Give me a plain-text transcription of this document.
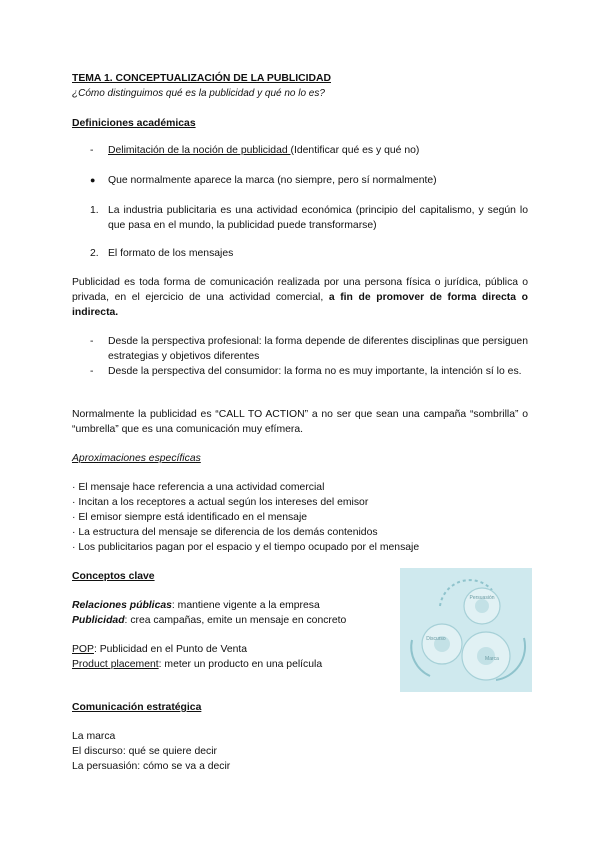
TEMA 1. CONCEPTUALIZACIÓN DE LA PUBLICIDAD
¿Cómo distinguimos qué es la publicidad y qué no lo es?
Definiciones académicas
- Delimitación de la noción de publicidad (Identificar qué es y qué no)
● Que normalmente aparece la marca (no siempre, pero sí normalmente)
1. La industria publicitaria es una actividad económica (principio del capitalismo, y según lo que pasa en el mundo, la publicidad puede transformarse)
2. El formato de los mensajes
Publicidad es toda forma de comunicación realizada por una persona física o jurídica, pública o privada, en el ejercicio de una actividad comercial, a fin de promover de forma directa o indirecta.
- Desde la perspectiva profesional: la forma depende de diferentes disciplinas que persiguen estrategias y objetivos diferentes
- Desde la perspectiva del consumidor: la forma no es muy importante, la intención sí lo es.
Normalmente la publicidad es “CALL TO ACTION” a no ser que sean una campaña “sombrilla” o “umbrella” que es una comunicación muy efímera.
Aproximaciones específicas
· El mensaje hace referencia a una actividad comercial
· Incitan a los receptores a actual según los intereses del emisor
· El emisor siempre está identificado en el mensaje
· La estructura del mensaje se diferencia de los demás contenidos
· Los publicitarios pagan por el espacio y el tiempo ocupado por el mensaje
Conceptos clave
Relaciones públicas: mantiene vigente a la empresa
Publicidad: crea campañas, emite un mensaje en concreto
POP: Publicidad en el Punto de Venta
Product placement: meter un producto en una película
Persuasión
Discurso
Marca
Comunicación estratégica
La marca
El discurso: qué se quiere decir
La persuasión: cómo se va a decir
